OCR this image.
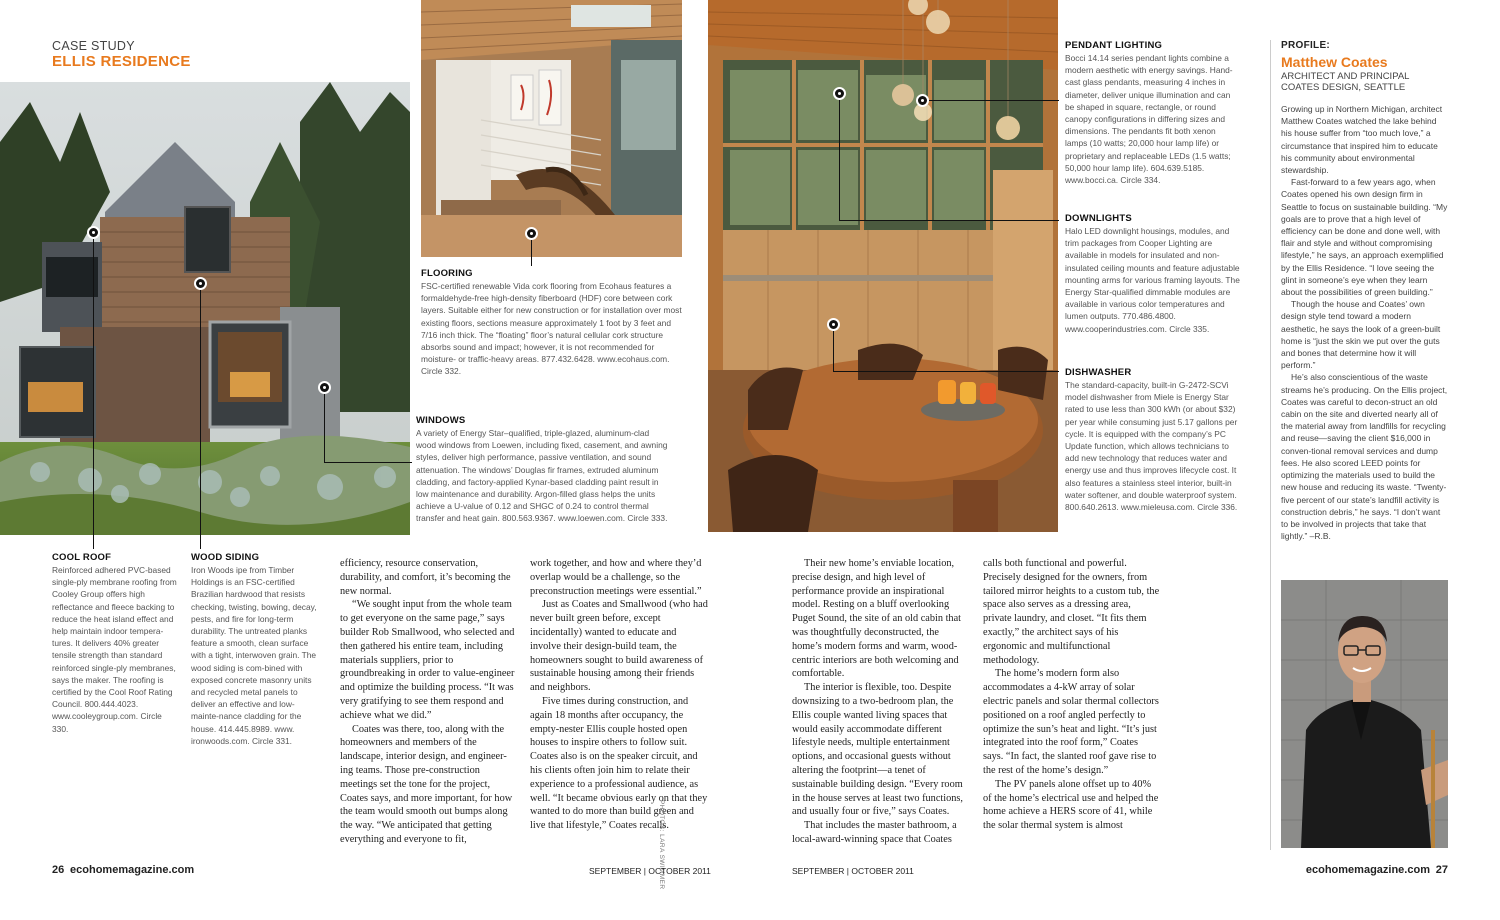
CASE STUDY
ELLIS RESIDENCE

FLOORING

FSC-certified renewable Vida cork flooring from Ecohaus features a formaldehyde-free high-density fiberboard (HDF) core between cork layers. Suitable either for new construction or for installation over most existing floors, sections measure approximately 1 foot by 3 feet and 7/16 inch thick. The “floating” floor’s natural cellular cork structure absorbs sound and impact; however, it is not recommended for moisture- or traffic-heavy areas. 877.432.6428. www.ecohaus.com. Circle 332.

WINDOWS

A variety of Energy Star–qualified, triple-glazed, aluminum-clad wood windows from Loewen, including fixed, casement, and awning styles, deliver high performance, passive ventilation, and sound attenuation. The windows’ Douglas fir frames, extruded aluminum cladding, and factory-applied Kynar-based cladding paint result in low maintenance and durability. Argon-filled glass helps the units achieve a U-value of 0.12 and SHGC of 0.24 to control thermal transfer and heat gain. 800.563.9367. www.loewen.com. Circle 333.

COOL ROOF

Reinforced adhered PVC-based single-ply membrane roofing from Cooley Group offers high reflectance and fleece backing to reduce the heat island effect and help maintain indoor tempera-tures. It delivers 40% greater tensile strength than standard reinforced single-ply membranes, says the maker. The roofing is certified by the Cool Roof Rating Council. 800.444.4023. www.cooleygroup.com. Circle 330.

WOOD SIDING

Iron Woods ipe from Timber Holdings is an FSC-certified Brazilian hardwood that resists checking, twisting, bowing, decay, pests, and fire for long-term durability. The untreated planks feature a smooth, clean surface with a tight, interwoven grain. The wood siding is com-bined with exposed concrete masonry units and recycled metal panels to deliver an effective and low-mainte-nance cladding for the house. 414.445.8989. www. ironwoods.com. Circle 331.

efficiency, resource conservation, durability, and comfort, it’s becoming the new normal.

“We sought input from the whole team to get everyone on the same page,” says builder Rob Smallwood, who selected and then gathered his entire team, including materials suppliers, prior to groundbreaking in order to value-engineer and optimize the building process. “It was very gratifying to see them respond and achieve what we did.”

Coates was there, too, along with the homeowners and members of the landscape, interior design, and engineer-ing teams. Those pre-construction meetings set the tone for the project, Coates says, and more important, for how the team would smooth out bumps along the way. “We anticipated that getting everything and everyone to fit,

work together, and how and where they’d overlap would be a challenge, so the preconstruction meetings were essential.”

Just as Coates and Smallwood (who had never built green before, except incidentally) wanted to educate and involve their design-build team, the homeowners sought to build awareness of sustainable housing among their friends and neighbors.

Five times during construction, and again 18 months after occupancy, the empty-nester Ellis couple hosted open houses to inspire others to follow suit. Coates also is on the speaker circuit, and his clients often join him to relate their experience to a professional audience, as well. “It became obvious early on that they wanted to do more than build green and live that lifestyle,” Coates recalls.

PHOTOS: LARA SWIMMER
26 ecohomemagazine.com	SEPTEMBER | OCTOBER 2011

PENDANT LIGHTING

Bocci 14.14 series pendant lights combine a modern aesthetic with energy savings. Hand-cast glass pendants, measuring 4 inches in diameter, deliver unique illumination and can be shaped in square, rectangle, or round canopy configurations in differing sizes and dimensions. The pendants fit both xenon lamps (10 watts; 20,000 hour lamp life) or proprietary and replaceable LEDs (1.5 watts; 50,000 hour lamp life). 604.639.5185. www.bocci.ca. Circle 334.

DOWNLIGHTS

Halo LED downlight housings, modules, and trim packages from Cooper Lighting are available in models for insulated and non-insulated ceiling mounts and feature adjustable mounting arms for various framing layouts. The Energy Star-qualified dimmable modules are available in various color temperatures and lumen outputs. 770.486.4800. www.cooperindustries.com. Circle 335.

DISHWASHER

The standard-capacity, built-in G-2472-SCVi model dishwasher from Miele is Energy Star rated to use less than 300 kWh (or about $32) per year while consuming just 5.17 gallons per cycle. It is equipped with the company’s PC Update function, which allows technicians to add new technology that reduces water and energy use and thus improves lifecycle cost. It also features a stainless steel interior, built-in water softener, and double waterproof system. 800.640.2613. www.mieleusa.com. Circle 336.

PROFILE:
Matthew Coates
ARCHITECT AND PRINCIPAL
COATES DESIGN, SEATTLE

Growing up in Northern Michigan, architect Matthew Coates watched the lake behind his house suffer from “too much love,” a circumstance that inspired him to educate his community about environmental stewardship.

Fast-forward to a few years ago, when Coates opened his own design firm in Seattle to focus on sustainable building. “My goals are to prove that a high level of efficiency can be done and done well, with flair and style and without compromising lifestyle,” he says, an approach exemplified by the Ellis Residence. “I love seeing the glint in someone’s eye when they learn about the possibilities of green building.”

Though the house and Coates’ own design style tend toward a modern aesthetic, he says the look of a green-built home is “just the skin we put over the guts and bones that determine how it will perform.”

He’s also conscientious of the waste streams he’s producing. On the Ellis project, Coates was careful to decon-struct an old cabin on the site and diverted nearly all of the material away from landfills for recycling and reuse—saving the client $16,000 in conven-tional removal services and dump fees. He also scored LEED points for optimizing the materials used to build the new house and reducing its waste. “Twenty-five percent of our state’s landfill activity is construction debris,” he says. “I don’t want to be involved in projects that take that lightly.” –R.B.

Their new home’s enviable location, precise design, and high level of performance provide an inspirational model. Resting on a bluff overlooking Puget Sound, the site of an old cabin that was thoughtfully deconstructed, the home’s modern forms and warm, wood-centric interiors are both welcoming and comfortable.

The interior is flexible, too. Despite downsizing to a two-bedroom plan, the Ellis couple wanted living spaces that would easily accommodate different lifestyle needs, multiple entertainment options, and occasional guests without altering the footprint—a tenet of sustainable building design. “Every room in the house serves at least two functions, and usually four or five,” says Coates.

That includes the master bathroom, a local-award-winning space that Coates

calls both functional and powerful. Precisely designed for the owners, from tailored mirror heights to a custom tub, the space also serves as a dressing area, private laundry, and closet. “It fits them exactly,” the architect says of his ergonomic and multifunctional methodology.

The home’s modern form also accommodates a 4-kW array of solar electric panels and solar thermal collectors positioned on a roof angled perfectly to optimize the sun’s heat and light. “It’s just integrated into the roof form,” Coates says. “In fact, the slanted roof gave rise to the rest of the home’s design.”

The PV panels alone offset up to 40% of the home’s electrical use and helped the home achieve a HERS score of 41, while the solar thermal system is almost

SEPTEMBER | OCTOBER 2011	ecohomemagazine.com 27
